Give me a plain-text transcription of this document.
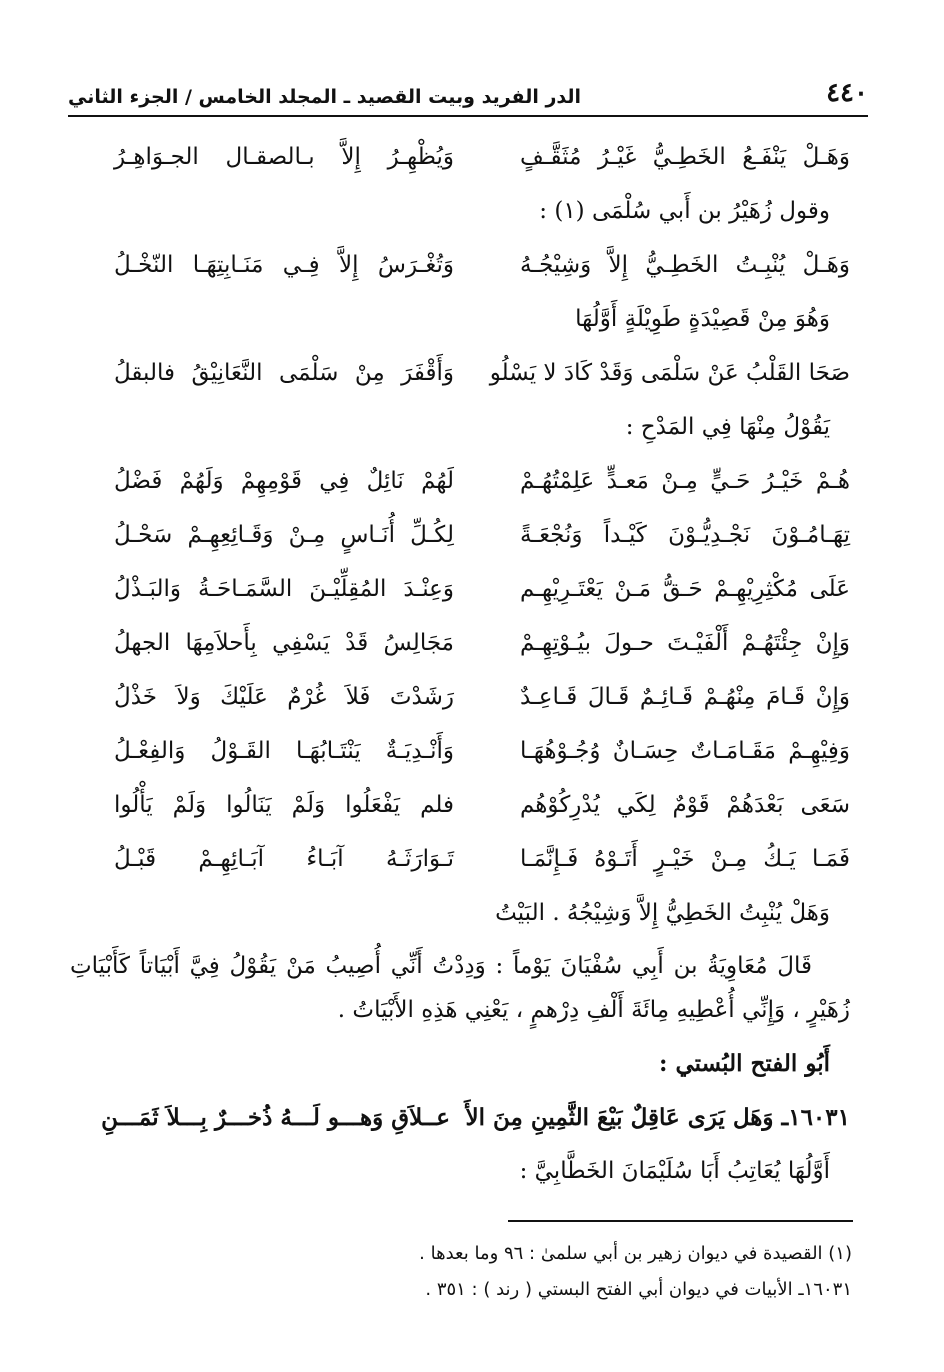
٤٤٠
الدر الفريد وبيت القصيد ـ المجلد الخامس / الجزء الثاني
وَهَـلْ يَنْفَـعُ الخَطِـيُّ غَيْـرُ مُثَقَّـفٍ
وَيُظْهِـرُ إِلاَّ بـالصقـال الجـوَاهِـرُ
وقول زُهَيْرُ بن أَبي سُلْمَى (١) :
وَهَـلْ يُنْبِـتُ الخَطِـيُّ إِلاَّ وَشِيْجُـهُ
وَتُغْـرَسُ إِلاَّ فِـي مَنَـابِتِهَـا النّخْـلُ
وَهُوَ مِنْ قَصِيْدَةٍ طَوِيْلَةٍ أَوَّلُهَا
صَحَا القَلْبُ عَنْ سَلْمَى وَقَدْ كَادَ لا يَسْلُو
وَأَقْفَرَ مِنْ سَلْمَى النَّعَانِيْقُ فالبقلُ
يَقُوْلُ مِنْهَا فِي المَدْحِ :
هُـمْ خَيْـرُ حَـيٍّ مِـنْ مَعـدٍّ عَلِمْتُهُـمْ
لَهُمْ نَائِلٌ فِي قَوْمِهِمْ وَلَهُمْ فَضْلُ
تِهَـامُـوْنَ نَجْـدِيُّـوْنَ كَيْـداً وَنُجْعَـةً
لِكُـلِّ أُنَـاسٍ مِـنْ وَقَـائِعِهِـمْ سَحْـلُ
عَلَى مُكْثِرِيْهِـمْ حَـقُّ مَـنْ يَعْتَـرِيْهِـم
وَعِنْـدَ المُقِلِّيْـنَ السَّمَـاحَـةُ وَالبَـذْلُ
وَإِنْ جِئْتَهُـمْ أَلْفَيْـتَ حـولَ بيُـوْتِهِـمْ
مَجَالِسُ قَدْ يَسْفِي بِأَحلاَمِهَا الجهلُ
وَإِنْ قَـامَ مِنْهُـمْ قَـائِـمٌ قَـالَ قَـاعِـدٌ
رَشَدْتَ فَلاَ غُرْمٌ عَلَيْكَ وَلاَ خَذْلُ
وَفِيْهِـمْ مَقَـامَـاتٌ حِسَـانٌ وُجُـوْهُهَـا
وَأَنْـدِيَـةٌ يَنْتَـابُهَـا القَـوْلُ وَالفِعْـلُ
سَعَى بَعْدَهُمْ قَوْمٌ لِكَي يُدْرِكُوْهُم
فلم يَفْعَلُوا وَلَمْ يَنَالُوا وَلَمْ يَأْلُوا
فَمَـا يَـكُ مِـنْ خَيْـرٍ أَتَـوْهُ فَـإِنَّمَـا
تَـوَارَثَـهُ آبَـاءُ آبَـائِهِـمْ قَبْـلُ
وَهَلْ يُنْبِتُ الخَطِيُّ إِلاَّ وَشِيْجُهُ . البَيْتُ
قَالَ مُعَاوِيَةُ بن أَبِي سُفْيَانَ يَوْماً : وَدِدْتُ أَنِّي أُصِيبُ مَنْ يَقُوْلُ فِيَّ أَبْيَاتاً كَأَبْيَاتِ زُهَيْرٍ ، وَإِنِّي أُعْطِيهِ مِائَةَ أَلْفِ دِرْهمٍ ، يَعْنِي هَذِهِ الأَبْيَاتُ .
أَبُو الفتح البُستي :
١٦٠٣١ـ وَهَل يَرَى عَاقِلٌ بَيْعَ الثَّمِينِ مِنَ الأَ
عــلاَقِ وَهـــو لَـــهُ ذُخـــرٌ بِـــلاَ ثَمَـــنِ
أَوَّلُهَا يُعَاتِبُ أَبَا سُلَيْمَانَ الخَطَّابِيَّ :
(١) القصيدة في ديوان زهير بن أبي سلمىٰ : ٩٦ وما بعدها .
١٦٠٣١ـ الأبيات في ديوان أبي الفتح البستي ( رند ) : ٣٥١ .
